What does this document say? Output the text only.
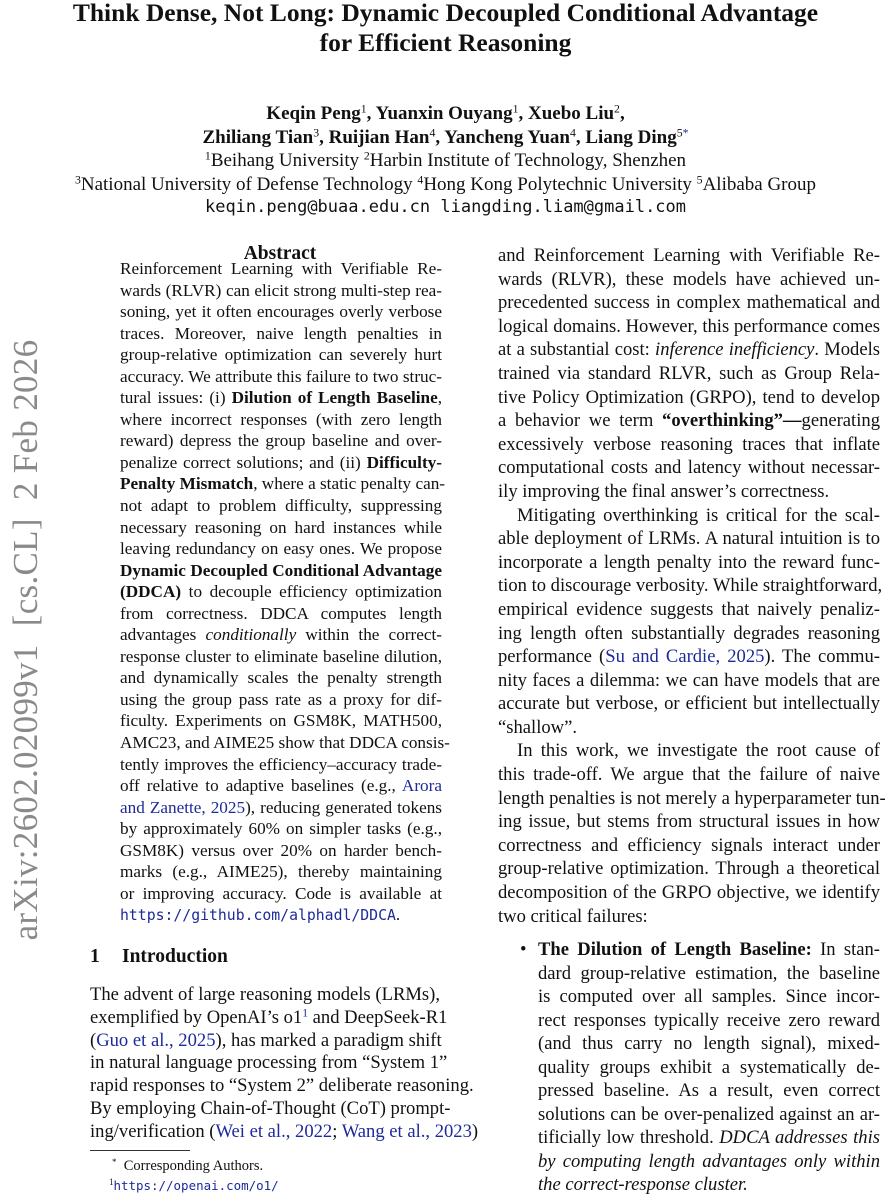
arXiv:2602.02099v1  [cs.CL]  2 Feb 2026
Think Dense, Not Long: Dynamic Decoupled Conditional Advantage
for Efficient Reasoning
Keqin Peng$^1$, Yuanxin Ouyang$^1$, Xuebo Liu$^2$,
Zhiliang Tian$^3$, Ruijian Han$^4$, Yancheng Yuan$^4$, Liang Ding$^{5*}$
$^1$Beihang University $^2$Harbin Institute of Technology, Shenzhen
$^3$National University of Defense Technology $^4$Hong Kong Polytechnic University $^5$Alibaba Group
keqin.peng@buaa.edu.cn liangding.liam@gmail.com
Abstract
Reinforcement Learning with Verifiable Re-
wards (RLVR) can elicit strong multi-step rea-
soning, yet it often encourages overly verbose
traces. Moreover, naive length penalties in
group-relative optimization can severely hurt
accuracy. We attribute this failure to two struc-
tural issues: (i) Dilution of Length Baseline,
where incorrect responses (with zero length
reward) depress the group baseline and over-
penalize correct solutions; and (ii) Difficulty-
Penalty Mismatch, where a static penalty can-
not adapt to problem difficulty, suppressing
necessary reasoning on hard instances while
leaving redundancy on easy ones. We propose
Dynamic Decoupled Conditional Advantage
(DDCA) to decouple efficiency optimization
from correctness. DDCA computes length
advantages conditionally within the correct-
response cluster to eliminate baseline dilution,
and dynamically scales the penalty strength
using the group pass rate as a proxy for dif-
ficulty. Experiments on GSM8K, MATH500,
AMC23, and AIME25 show that DDCA consis-
tently improves the efficiency–accuracy trade-
off relative to adaptive baselines (e.g., Arora
and Zanette, 2025), reducing generated tokens
by approximately 60% on simpler tasks (e.g.,
GSM8K) versus over 20% on harder bench-
marks (e.g., AIME25), thereby maintaining
or improving accuracy. Code is available at
https://github.com/alphadl/DDCA.
1 Introduction
The advent of large reasoning models (LRMs),
exemplified by OpenAI’s $o1^1$ and DeepSeek-R1
(Guo et al., 2025), has marked a paradigm shift
in natural language processing from “System 1”
rapid responses to “System 2” deliberate reasoning.
By employing Chain-of-Thought (CoT) prompt-
ing/verification (Wei et al., 2022; Wang et al., 2023)
and Reinforcement Learning with Verifiable Re-
wards (RLVR), these models have achieved un-
precedented success in complex mathematical and
logical domains. However, this performance comes
at a substantial cost: inference inefficiency. Models
trained via standard RLVR, such as Group Rela-
tive Policy Optimization (GRPO), tend to develop
a behavior we term “overthinking”—generating
excessively verbose reasoning traces that inflate
computational costs and latency without necessar-
ily improving the final answer’s correctness.
Mitigating overthinking is critical for the scal-
able deployment of LRMs. A natural intuition is to
incorporate a length penalty into the reward func-
tion to discourage verbosity. While straightforward,
empirical evidence suggests that naively penaliz-
ing length often substantially degrades reasoning
performance (Su and Cardie, 2025). The commu-
nity faces a dilemma: we can have models that are
accurate but verbose, or efficient but intellectually
“shallow”.
In this work, we investigate the root cause of
this trade-off. We argue that the failure of naive
length penalties is not merely a hyperparameter tun-
ing issue, but stems from structural issues in how
correctness and efficiency signals interact under
group-relative optimization. Through a theoretical
decomposition of the GRPO objective, we identify
two critical failures:
• The Dilution of Length Baseline: In stan-
dard group-relative estimation, the baseline
is computed over all samples. Since incor-
rect responses typically receive zero reward
(and thus carry no length signal), mixed-
quality groups exhibit a systematically de-
pressed baseline. As a result, even correct
solutions can be over-penalized against an ar-
tificially low threshold. DDCA addresses this
by computing length advantages only within
the correct-response cluster.
* Corresponding Authors.
$^1$https://openai.com/o1/
